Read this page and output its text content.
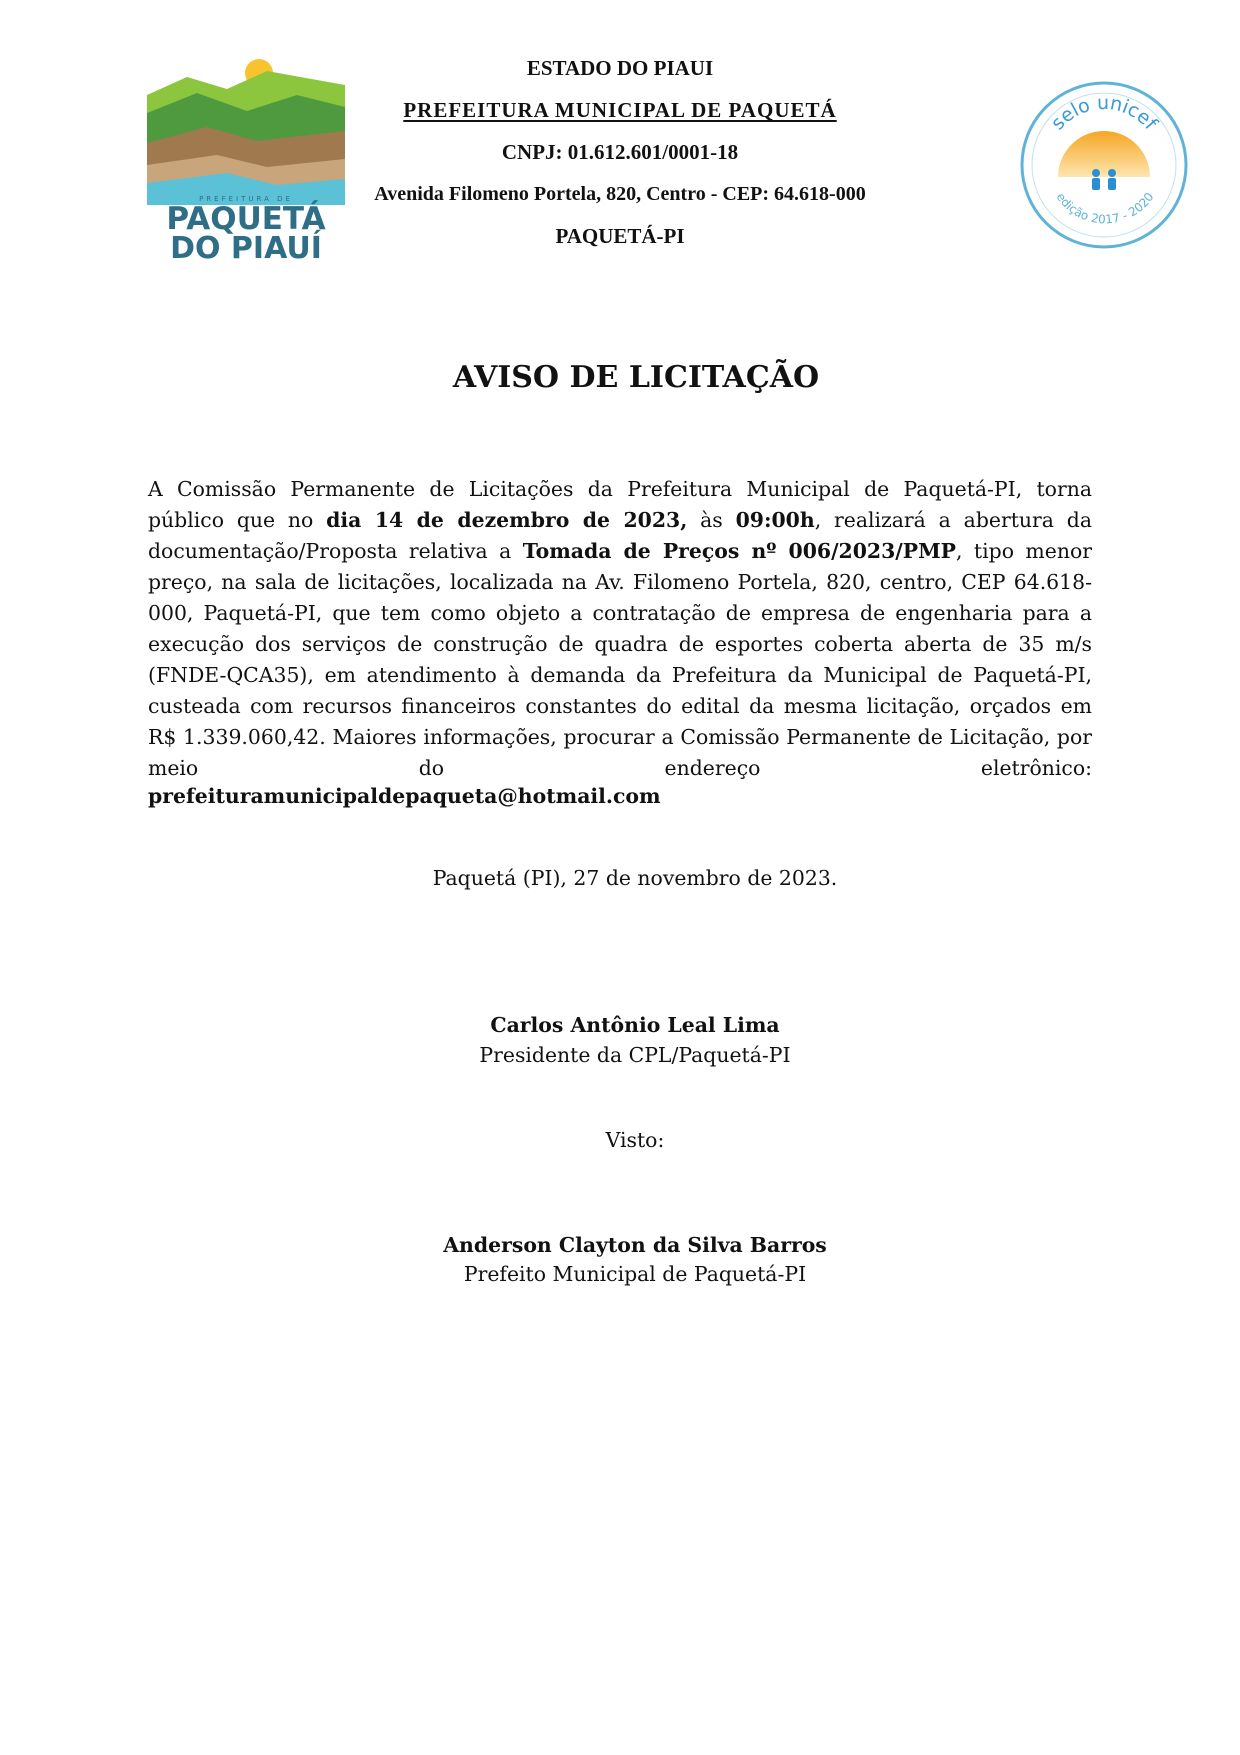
PREFEITURA DE
PAQUETÁ
DO PIAUÍ
selo unicef
edição 2017 - 2020
ESTADO DO PIAUI
PREFEITURA MUNICIPAL DE PAQUETÁ
CNPJ: 01.612.601/0001-18
Avenida Filomeno Portela, 820, Centro - CEP: 64.618-000
PAQUETÁ-PI
AVISO DE LICITAÇÃO
A Comissão Permanente de Licitações da Prefeitura Municipal de Paquetá-PI, torna público que no dia 14 de dezembro de 2023, às 09:00h, realizará a abertura da documentação/Proposta relativa a Tomada de Preços nº 006/2023/PMP, tipo menor preço, na sala de licitações, localizada na Av. Filomeno Portela, 820, centro, CEP 64.618-000, Paquetá-PI, que tem como objeto a contratação de empresa de engenharia para a execução dos serviços de construção de quadra de esportes coberta aberta de 35 m/s (FNDE-QCA35), em atendimento à demanda da Prefeitura da Municipal de Paquetá-PI, custeada com recursos financeiros constantes do edital da mesma licitação, orçados em R$ 1.339.060,42. Maiores informações, procurar a Comissão Permanente de Licitação, por meio do endereço eletrônico:
prefeituramunicipaldepaqueta@hotmail.com
Paquetá (PI), 27 de novembro de 2023.
Carlos Antônio Leal Lima
Presidente da CPL/Paquetá-PI
Visto:
Anderson Clayton da Silva Barros
Prefeito Municipal de Paquetá-PI
